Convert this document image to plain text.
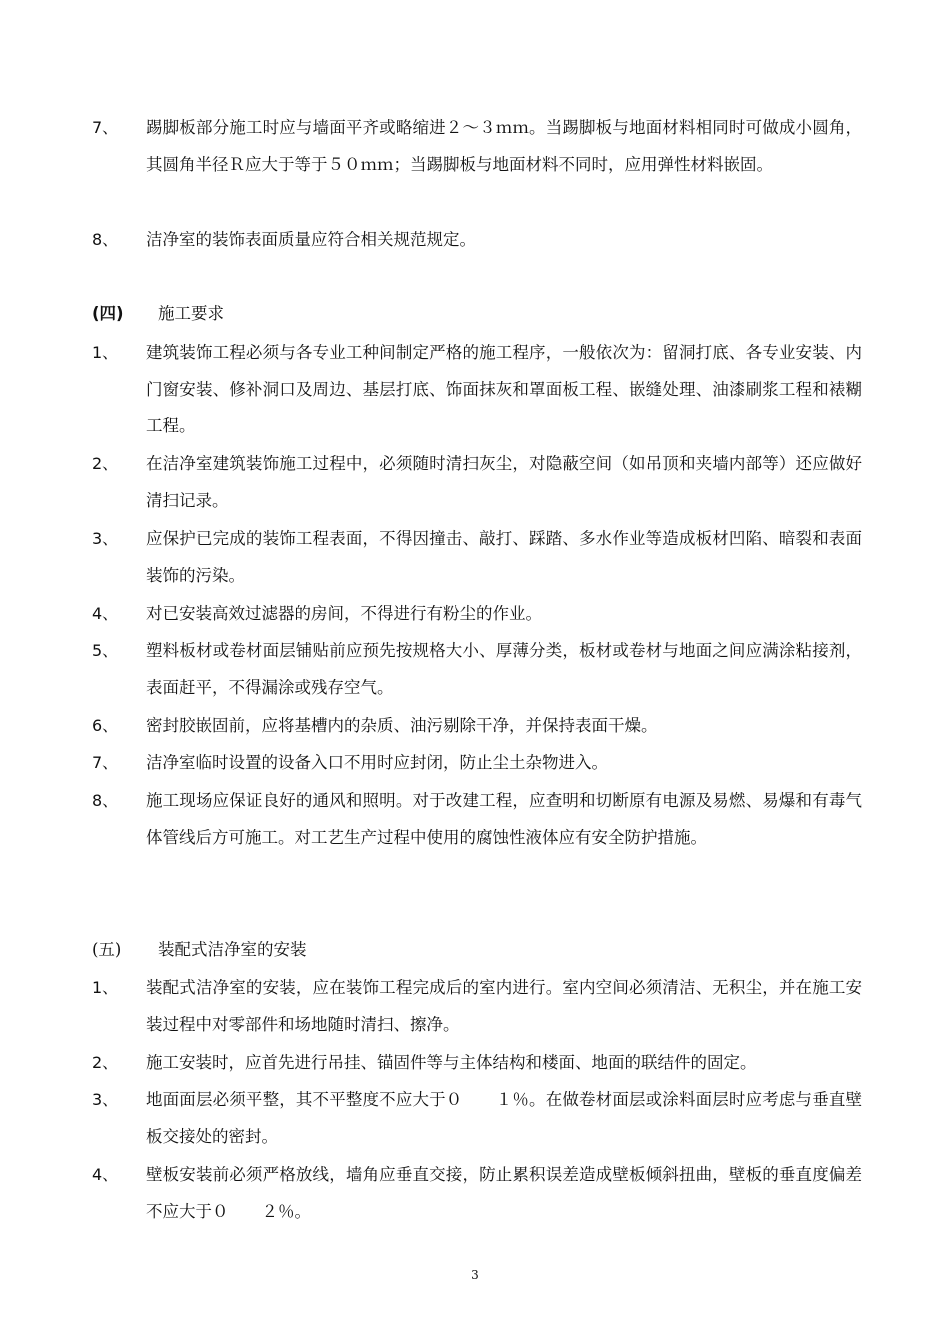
7、 踢脚板部分施工时应与墙面平齐或略缩进２～３ｍｍ。当踢脚板与地面材料相同时可做成小圆角，其圆角半径Ｒ应大于等于５０ｍｍ；当踢脚板与地面材料不同时，应用弹性材料嵌固。
8、 洁净室的装饰表面质量应符合相关规范规定。
(四) 施工要求
1、 建筑装饰工程必须与各专业工种间制定严格的施工程序，一般依次为：留洞打底、各专业安装、内门窗安装、修补洞口及周边、基层打底、饰面抹灰和罩面板工程、嵌缝处理、油漆刷浆工程和裱糊工程。
2、 在洁净室建筑装饰施工过程中，必须随时清扫灰尘，对隐蔽空间（如吊顶和夹墙内部等）还应做好清扫记录。
3、 应保护已完成的装饰工程表面，不得因撞击、敲打、踩踏、多水作业等造成板材凹陷、暗裂和表面装饰的污染。
4、 对已安装高效过滤器的房间，不得进行有粉尘的作业。
5、 塑料板材或卷材面层铺贴前应预先按规格大小、厚薄分类，板材或卷材与地面之间应满涂粘接剂，表面赶平，不得漏涂或残存空气。
6、 密封胶嵌固前，应将基槽内的杂质、油污剔除干净，并保持表面干燥。
7、 洁净室临时设置的设备入口不用时应封闭，防止尘土杂物进入。
8、 施工现场应保证良好的通风和照明。对于改建工程，应查明和切断原有电源及易燃、易爆和有毒气体管线后方可施工。对工艺生产过程中使用的腐蚀性液体应有安全防护措施。
(五) 装配式洁净室的安装
1、 装配式洁净室的安装，应在装饰工程完成后的室内进行。室内空间必须清洁、无积尘，并在施工安装过程中对零部件和场地随时清扫、擦净。
2、 施工安装时，应首先进行吊挂、锚固件等与主体结构和楼面、地面的联结件的固定。
3、 地面面层必须平整，其不平整度不应大于０　　１％。在做卷材面层或涂料面层时应考虑与垂直壁板交接处的密封。
4、 壁板安装前必须严格放线，墙角应垂直交接，防止累积误差造成壁板倾斜扭曲，壁板的垂直度偏差不应大于０　　２％。
3
